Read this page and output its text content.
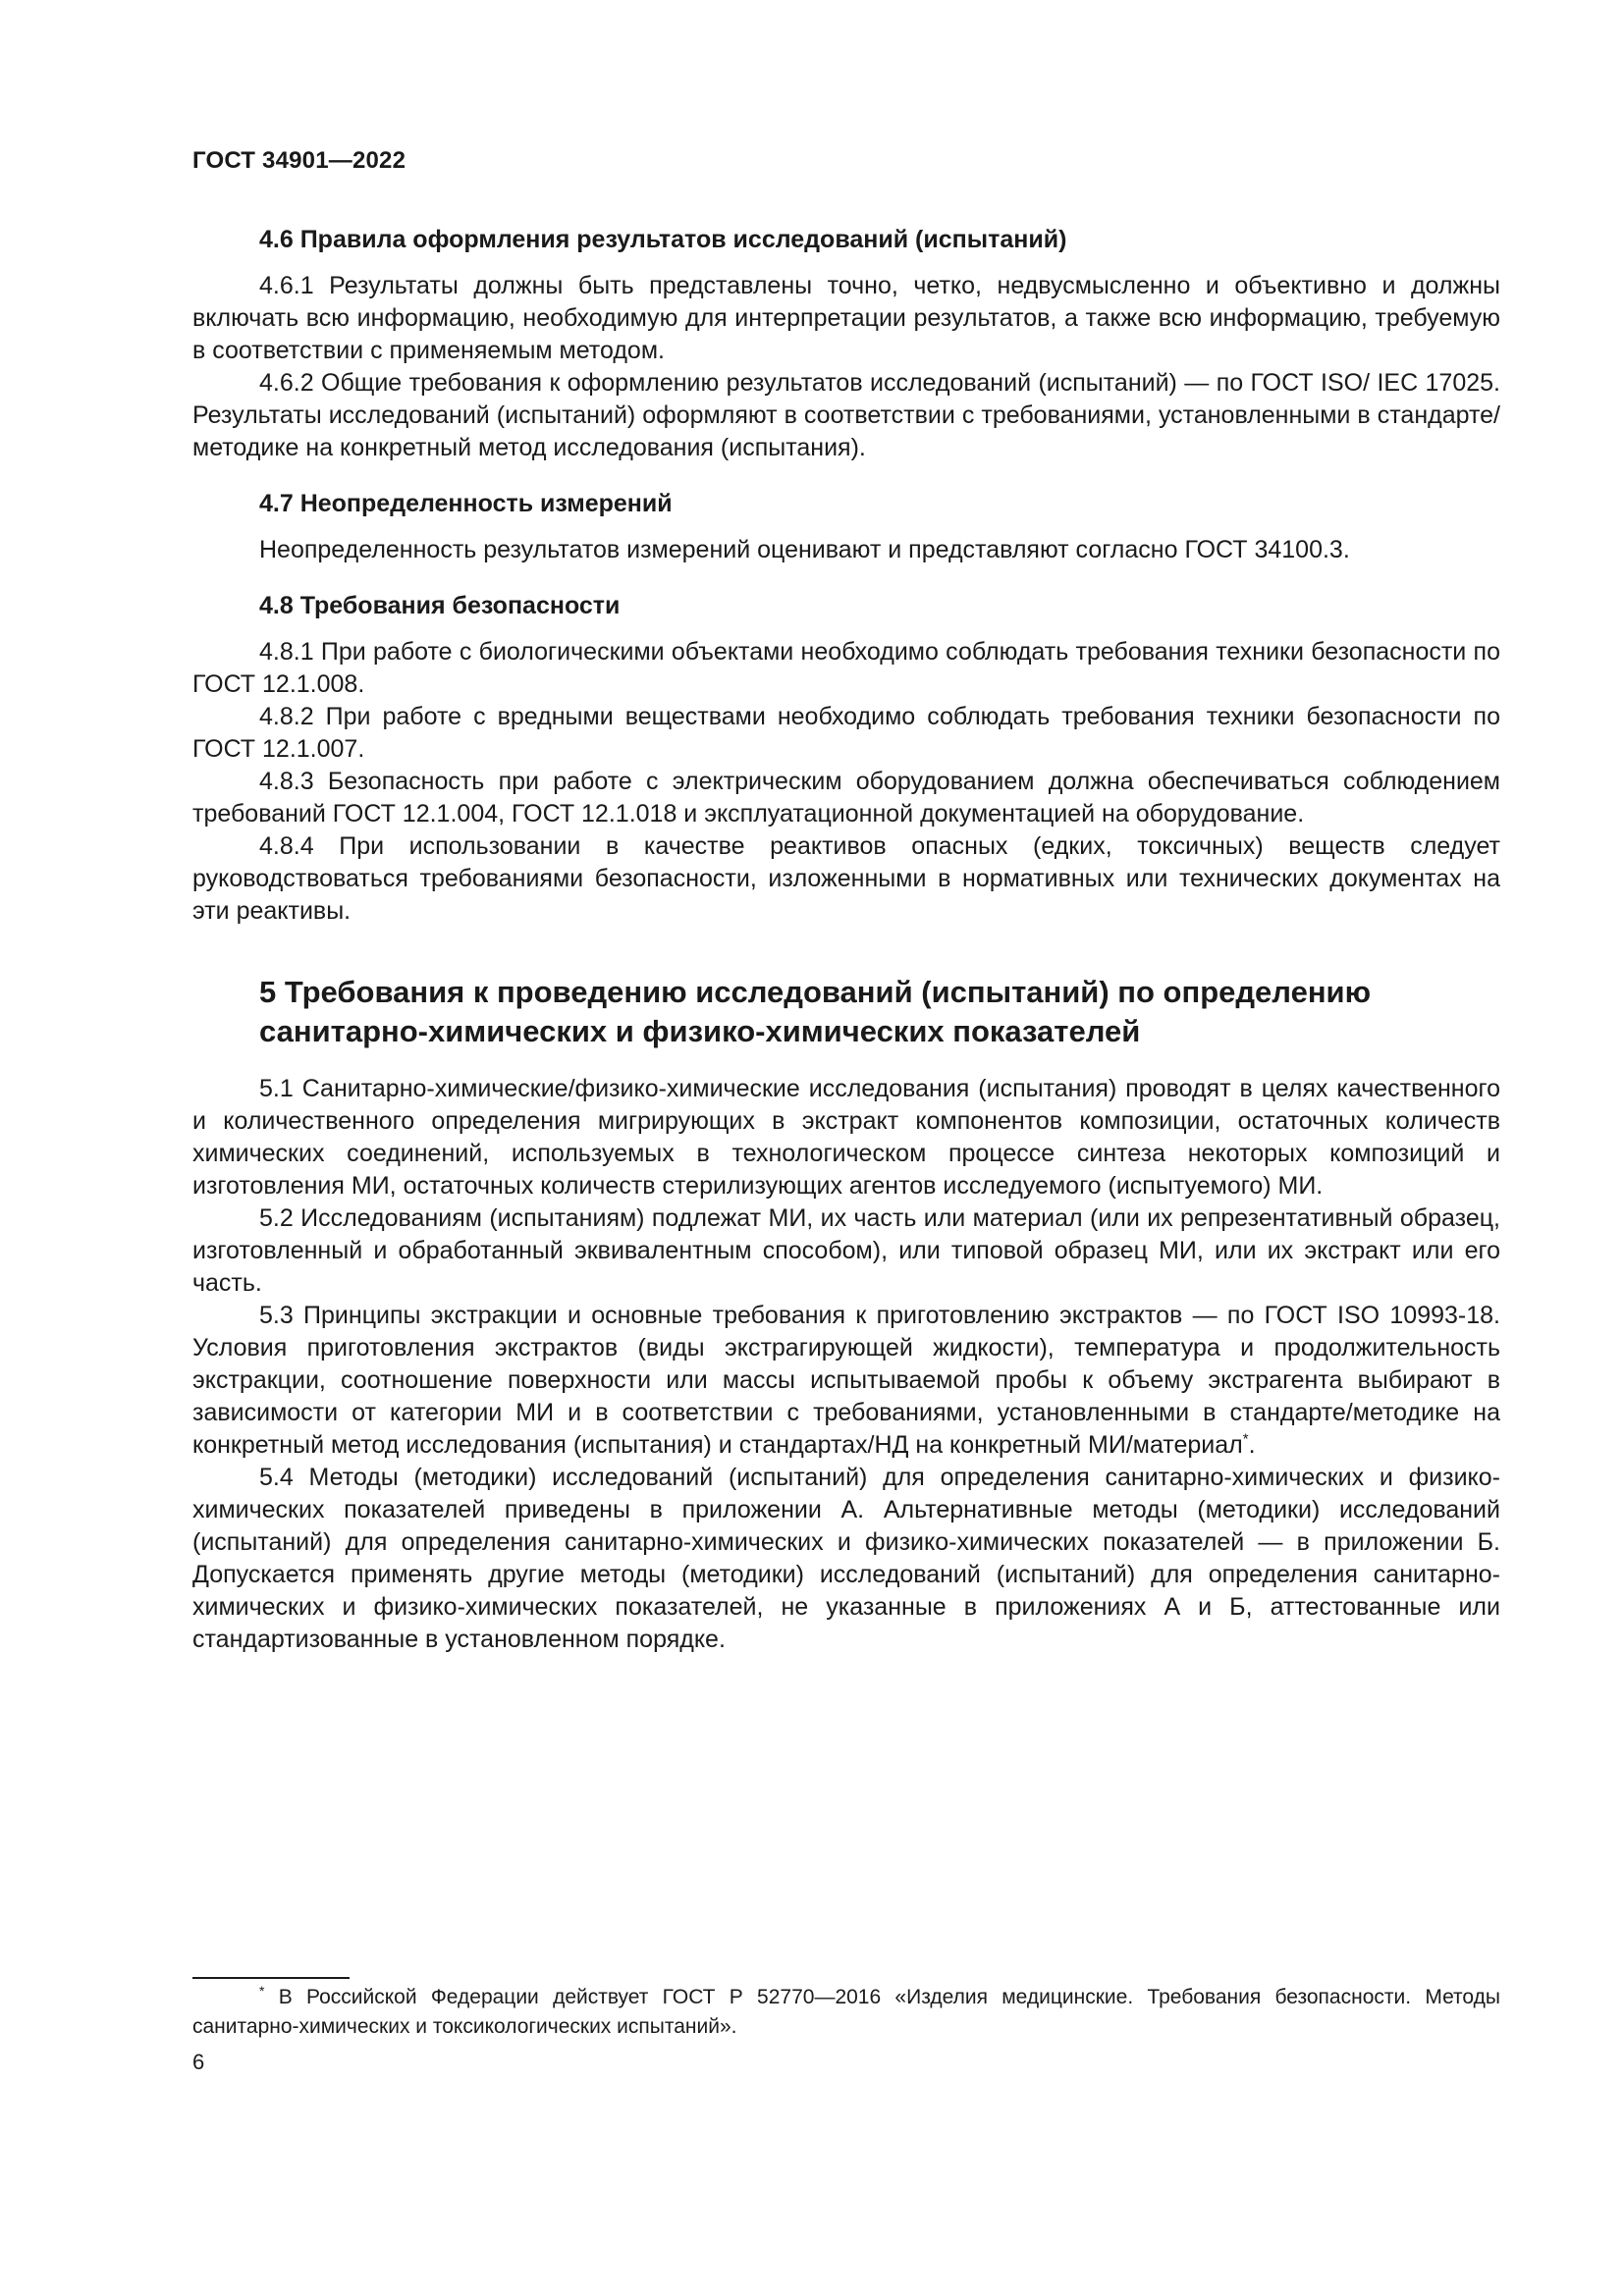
ГОСТ 34901—2022
4.6 Правила оформления результатов исследований (испытаний)

4.6.1 Результаты должны быть представлены точно, четко, недвусмысленно и объективно и должны включать всю информацию, необходимую для интерпретации результатов, а также всю информацию, требуемую в соответствии с применяемым методом.

4.6.2 Общие требования к оформлению результатов исследований (испытаний) — по ГОСТ ISO/ IEC 17025. Результаты исследований (испытаний) оформляют в соответствии с требованиями, установленными в стандарте/методике на конкретный метод исследования (испытания).

4.7 Неопределенность измерений

Неопределенность результатов измерений оценивают и представляют согласно ГОСТ 34100.3.

4.8 Требования безопасности

4.8.1 При работе с биологическими объектами необходимо соблюдать требования техники безопасности по ГОСТ 12.1.008.

4.8.2 При работе с вредными веществами необходимо соблюдать требования техники безопасности по ГОСТ 12.1.007.

4.8.3 Безопасность при работе с электрическим оборудованием должна обеспечиваться соблюдением требований ГОСТ 12.1.004, ГОСТ 12.1.018 и эксплуатационной документацией на оборудование.

4.8.4 При использовании в качестве реактивов опасных (едких, токсичных) веществ следует руководствоваться требованиями безопасности, изложенными в нормативных или технических документах на эти реактивы.

5 Требования к проведению исследований (испытаний) по определению санитарно-химических и физико-химических показателей

5.1 Санитарно-химические/физико-химические исследования (испытания) проводят в целях качественного и количественного определения мигрирующих в экстракт компонентов композиции, остаточных количеств химических соединений, используемых в технологическом процессе синтеза некоторых композиций и изготовления МИ, остаточных количеств стерилизующих агентов исследуемого (испытуемого) МИ.

5.2 Исследованиям (испытаниям) подлежат МИ, их часть или материал (или их репрезентативный образец, изготовленный и обработанный эквивалентным способом), или типовой образец МИ, или их экстракт или его часть.

5.3 Принципы экстракции и основные требования к приготовлению экстрактов — по ГОСТ ISO 10993-18. Условия приготовления экстрактов (виды экстрагирующей жидкости), температура и продолжительность экстракции, соотношение поверхности или массы испытываемой пробы к объему экстрагента выбирают в зависимости от категории МИ и в соответствии с требованиями, установленными в стандарте/методике на конкретный метод исследования (испытания) и стандартах/НД на конкретный МИ/материал*.

5.4 Методы (методики) исследований (испытаний) для определения санитарно-химических и физико-химических показателей приведены в приложении А. Альтернативные методы (методики) исследований (испытаний) для определения санитарно-химических и физико-химических показателей — в приложении Б. Допускается применять другие методы (методики) исследований (испытаний) для определения санитарно-химических и физико-химических показателей, не указанные в приложениях А и Б, аттестованные или стандартизованные в установленном порядке.

* В Российской Федерации действует ГОСТ Р 52770—2016 «Изделия медицинские. Требования безопасности. Методы санитарно-химических и токсикологических испытаний».
6
